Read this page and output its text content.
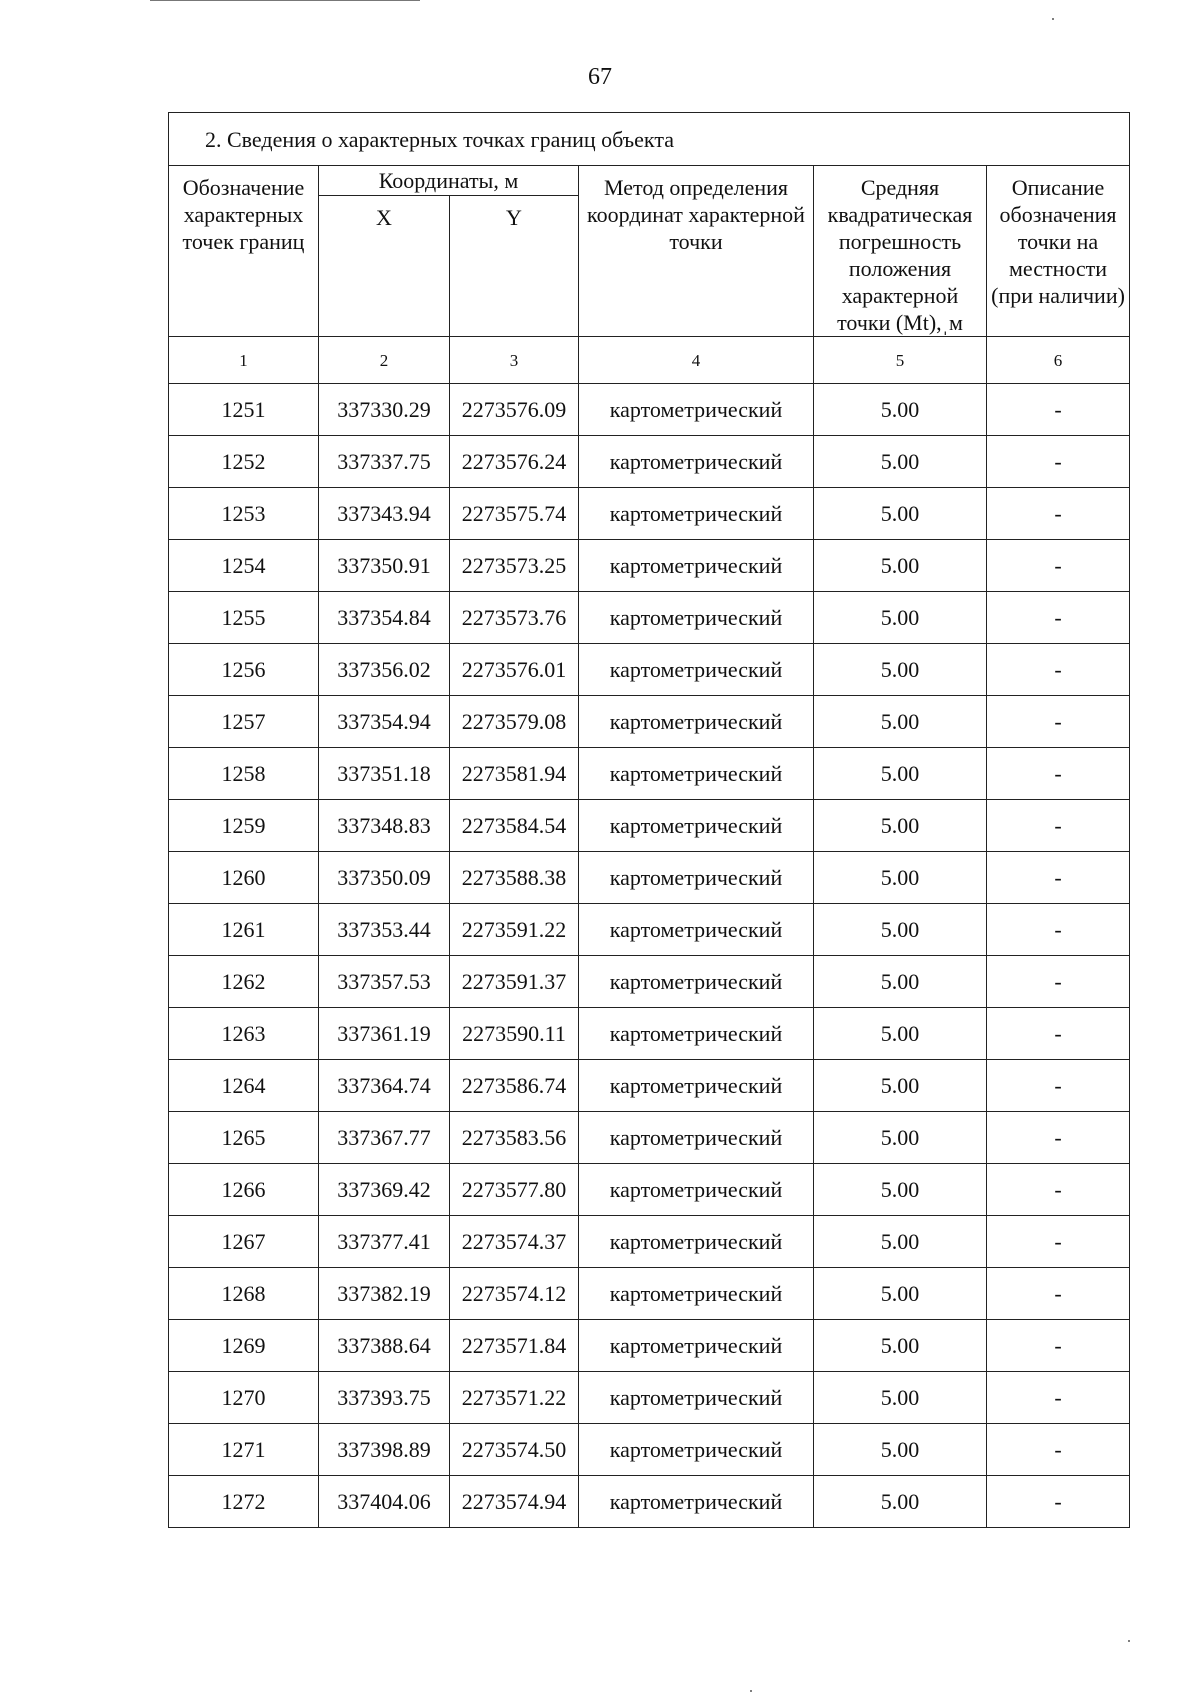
67
2. Сведения о характерных точках границ объекта					
Обозначение характерных точек границ	Координаты, м		Метод определения координат характерной точки	Средняя квадратическая погрешность положения характерной точки (Mt),ˌм	Описание обозначения точки на местности (при наличии)
	X	Y			
1	2	3	4	5	6
1251	337330.29	2273576.09	картометрический	5.00	-
1252	337337.75	2273576.24	картометрический	5.00	-
1253	337343.94	2273575.74	картометрический	5.00	-
1254	337350.91	2273573.25	картометрический	5.00	-
1255	337354.84	2273573.76	картометрический	5.00	-
1256	337356.02	2273576.01	картометрический	5.00	-
1257	337354.94	2273579.08	картометрический	5.00	-
1258	337351.18	2273581.94	картометрический	5.00	-
1259	337348.83	2273584.54	картометрический	5.00	-
1260	337350.09	2273588.38	картометрический	5.00	-
1261	337353.44	2273591.22	картометрический	5.00	-
1262	337357.53	2273591.37	картометрический	5.00	-
1263	337361.19	2273590.11	картометрический	5.00	-
1264	337364.74	2273586.74	картометрический	5.00	-
1265	337367.77	2273583.56	картометрический	5.00	-
1266	337369.42	2273577.80	картометрический	5.00	-
1267	337377.41	2273574.37	картометрический	5.00	-
1268	337382.19	2273574.12	картометрический	5.00	-
1269	337388.64	2273571.84	картометрический	5.00	-
1270	337393.75	2273571.22	картометрический	5.00	-
1271	337398.89	2273574.50	картометрический	5.00	-
1272	337404.06	2273574.94	картометрический	5.00	-
